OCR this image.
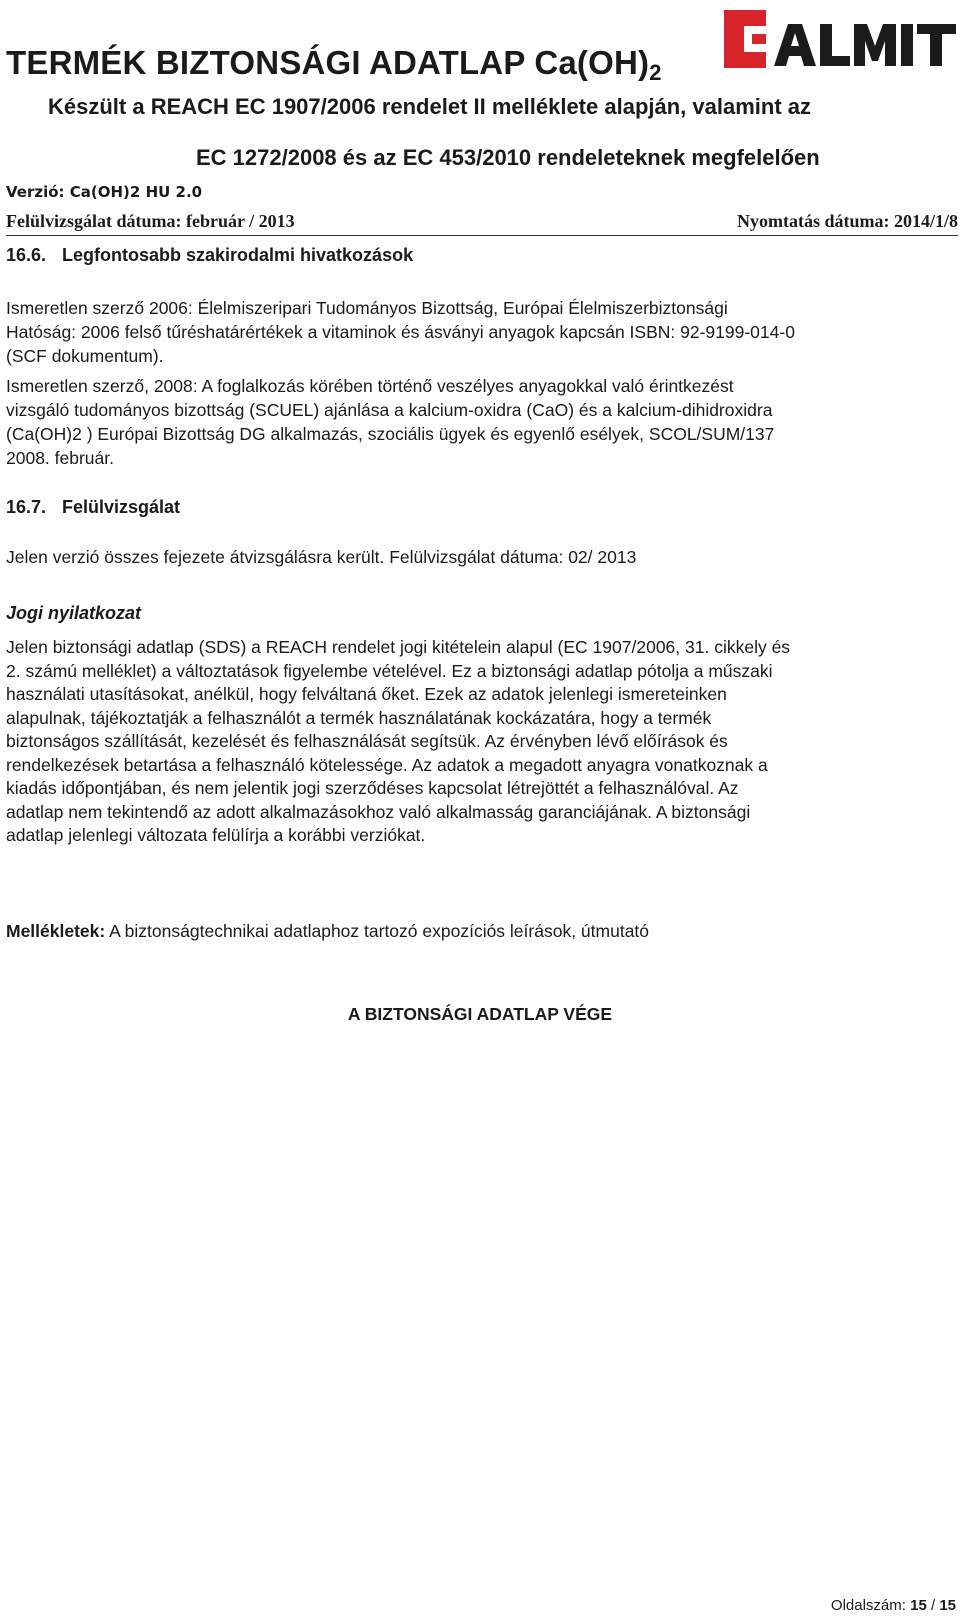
TERMÉK BIZTONSÁGI ADATLAP $Ca(OH)_2$
Készült a REACH EC 1907/2006 rendelet II melléklete alapján, valamint az
EC 1272/2008 és az EC 453/2010 rendeleteknek megfelelően
Verzió: Ca(OH)2 HU 2.0
Felülvizsgálat dátuma: február / 2013	Nyomtatás dátuma: 2014/1/8
16.6. Legfontosabb szakirodalmi hivatkozások
Ismeretlen szerző 2006: Élelmiszeripari Tudományos Bizottság, Európai Élelmiszerbiztonsági
Hatóság: 2006 felső tűréshatárértékek a vitaminok és ásványi anyagok kapcsán ISBN: 92-9199-014-0
(SCF dokumentum).
Ismeretlen szerző, 2008: A foglalkozás körében történő veszélyes anyagokkal való érintkezést
vizsgáló tudományos bizottság (SCUEL) ajánlása a kalcium-oxidra (CaO) és a kalcium-dihidroxidra
(Ca(OH)2 ) Európai Bizottság DG alkalmazás, szociális ügyek és egyenlő esélyek, SCOL/SUM/137
2008. február.
16.7. Felülvizsgálat
Jelen verzió összes fejezete átvizsgálásra került. Felülvizsgálat dátuma: 02/ 2013
Jogi nyilatkozat
Jelen biztonsági adatlap (SDS) a REACH rendelet jogi kitételein alapul (EC 1907/2006, 31. cikkely és
2. számú melléklet) a változtatások figyelembe vételével. Ez a biztonsági adatlap pótolja a műszaki
használati utasításokat, anélkül, hogy felváltaná őket. Ezek az adatok jelenlegi ismereteinken
alapulnak, tájékoztatják a felhasználót a termék használatának kockázatára, hogy a termék
biztonságos szállítását, kezelését és felhasználását segítsük. Az érvényben lévő előírások és
rendelkezések betartása a felhasználó kötelessége. Az adatok a megadott anyagra vonatkoznak a
kiadás időpontjában, és nem jelentik jogi szerződéses kapcsolat létrejöttét a felhasználóval. Az
adatlap nem tekintendő az adott alkalmazásokhoz való alkalmasság garanciájának. A biztonsági
adatlap jelenlegi változata felülírja a korábbi verziókat.
Mellékletek: A biztonságtechnikai adatlaphoz tartozó expozíciós leírások, útmutató
A BIZTONSÁGI ADATLAP VÉGE
Oldalszám: 15 / 15
